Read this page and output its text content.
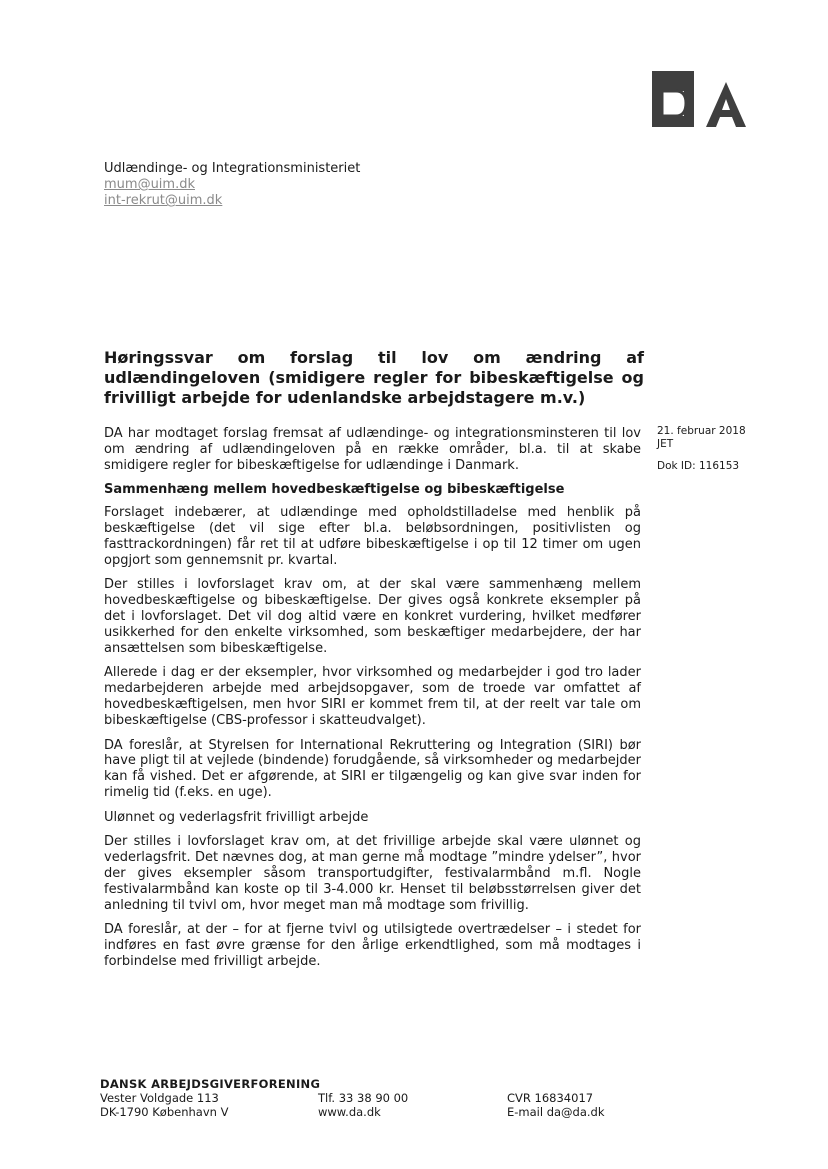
Udlændinge- og Integrationsministeriet
mum@uim.dk
int-rekrut@uim.dk
Høringssvar om forslag til lov om ændring af udlændingeloven (smidigere regler for bibeskæftigelse og frivilligt arbejde for udenlandske arbejdstagere m.v.)
21. februar 2018
JET
Dok ID: 116153

DA har modtaget forslag fremsat af udlændinge- og integrationsminsteren til lov om ændring af udlændingeloven på en række områder, bl.a. til at skabe smidigere regler for bibeskæftigelse for udlændinge i Danmark.

Sammenhæng mellem hovedbeskæftigelse og bibeskæftigelse

Forslaget indebærer, at udlændinge med opholdstilladelse med henblik på beskæftigelse (det vil sige efter bl.a. beløbsordningen, positivlisten og fasttrackordningen) får ret til at udføre bibeskæftigelse i op til 12 timer om ugen opgjort som gennemsnit pr. kvartal.

Der stilles i lovforslaget krav om, at der skal være sammenhæng mellem hovedbeskæftigelse og bibeskæftigelse. Der gives også konkrete eksempler på det i lovforslaget. Det vil dog altid være en konkret vurdering, hvilket medfører usikkerhed for den enkelte virksomhed, som beskæftiger medarbejdere, der har ansættelsen som bibeskæftigelse.

Allerede i dag er der eksempler, hvor virksomhed og medarbejder i god tro lader medarbejderen arbejde med arbejdsopgaver, som de troede var omfattet af hovedbeskæftigelsen, men hvor SIRI er kommet frem til, at der reelt var tale om bibeskæftigelse (CBS-professor i skatteudvalget).

DA foreslår, at Styrelsen for International Rekruttering og Integration (SIRI) bør have pligt til at vejlede (bindende) forudgående, så virksomheder og medarbejder kan få vished. Det er afgørende, at SIRI er tilgængelig og kan give svar inden for rimelig tid (f.eks. en uge).

Ulønnet og vederlagsfrit frivilligt arbejde

Der stilles i lovforslaget krav om, at det frivillige arbejde skal være ulønnet og vederlagsfrit. Det nævnes dog, at man gerne må modtage ”mindre ydelser”, hvor der gives eksempler såsom transportudgifter, festivalarmbånd m.fl. Nogle festivalarmbånd kan koste op til 3-4.000 kr. Henset til beløbsstørrelsen giver det anledning til tvivl om, hvor meget man må modtage som frivillig.

DA foreslår, at der – for at fjerne tvivl og utilsigtede overtrædelser – i stedet for indføres en fast øvre grænse for den årlige erkendtlighed, som må modtages i forbindelse med frivilligt arbejde.

DANSK ARBEJDSGIVERFORENING
Vester Voldgade 113
DK-1790 København V
Tlf. 33 38 90 00
www.da.dk
CVR 16834017
E-mail da@da.dk
